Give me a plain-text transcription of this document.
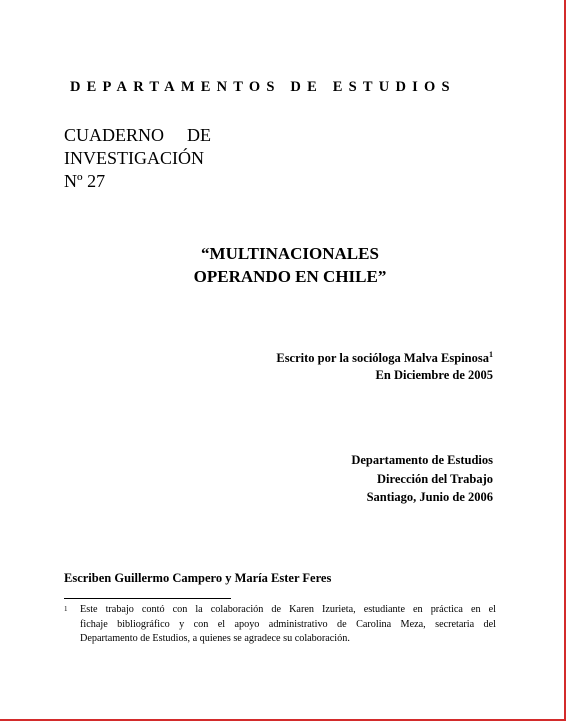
DEPARTAMENTOS DE ESTUDIOS
CUADERNO DE
INVESTIGACIÓN
Nº 27
“MULTINACIONALES
OPERANDO EN CHILE”
Escrito por la socióloga Malva Espinosa$^1$
En Diciembre de 2005
Departamento de Estudios
Dirección del Trabajo
Santiago, Junio de 2006
Escriben Guillermo Campero y María Ester Feres
1 Este trabajo contó con la colaboración de Karen Izurieta, estudiante en práctica en el
fichaje bibliográfico y con el apoyo administrativo de Carolina Meza, secretaria del
Departamento de Estudios, a quienes se agradece su colaboración.
